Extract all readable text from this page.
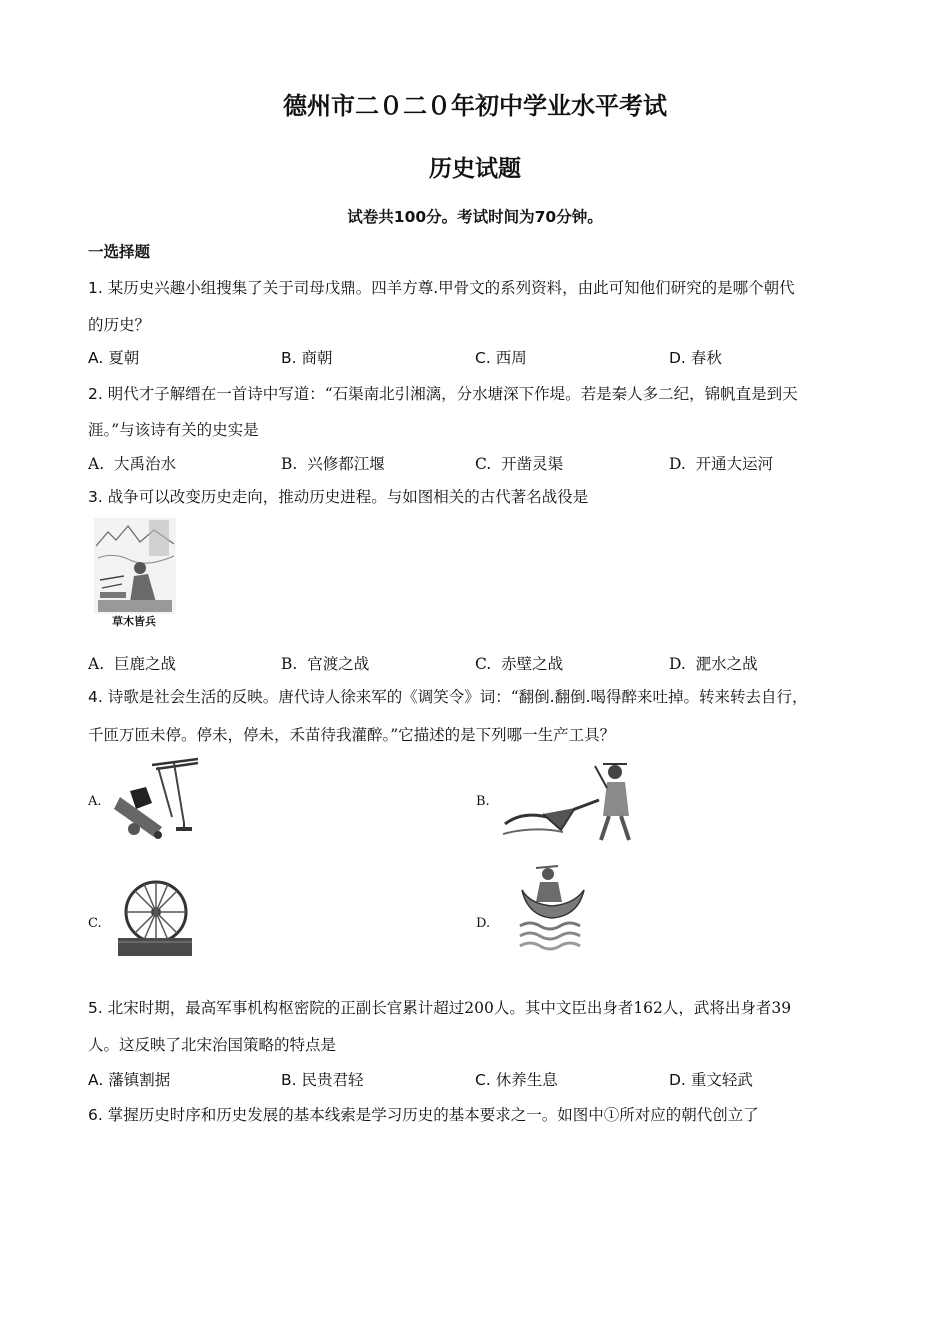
德州市二０二０年初中学业水平考试
历史试题
试卷共100分。考试时间为70分钟。
一选择题
1. 某历史兴趣小组搜集了关于司母戊鼎。四羊方尊.甲骨文的系列资料，由此可知他们研究的是哪个朝代
的历史？
A. 夏朝	B. 商朝	C. 西周	D. 春秋
2. 明代才子解缙在一首诗中写道：“石渠南北引湘漓，分水塘深下作堤。若是秦人多二纪，锦帆直是到天
涯。”与该诗有关的史实是
A. 大禹治水	B. 兴修都江堰	C. 开凿灵渠	D. 开通大运河
3. 战争可以改变历史走向，推动历史进程。与如图相关的古代著名战役是
草木皆兵
A. 巨鹿之战	B. 官渡之战	C. 赤壁之战	D. 淝水之战
4. 诗歌是社会生活的反映。唐代诗人徐来军的《调笑令》词：“翻倒.翻倒.喝得醉来吐掉。转来转去自行，
千匝万匝未停。停未，停未，禾苗待我灌醉。”它描述的是下列哪一生产工具？
A.	B.
C.	D.
5. 北宋时期，最高军事机构枢密院的正副长官累计超过200人。其中文臣出身者162人，武将出身者39
人。这反映了北宋治国策略的特点是
A. 藩镇割据	B. 民贵君轻	C. 休养生息	D. 重文轻武
6. 掌握历史时序和历史发展的基本线索是学习历史的基本要求之一。如图中①所对应的朝代创立了
